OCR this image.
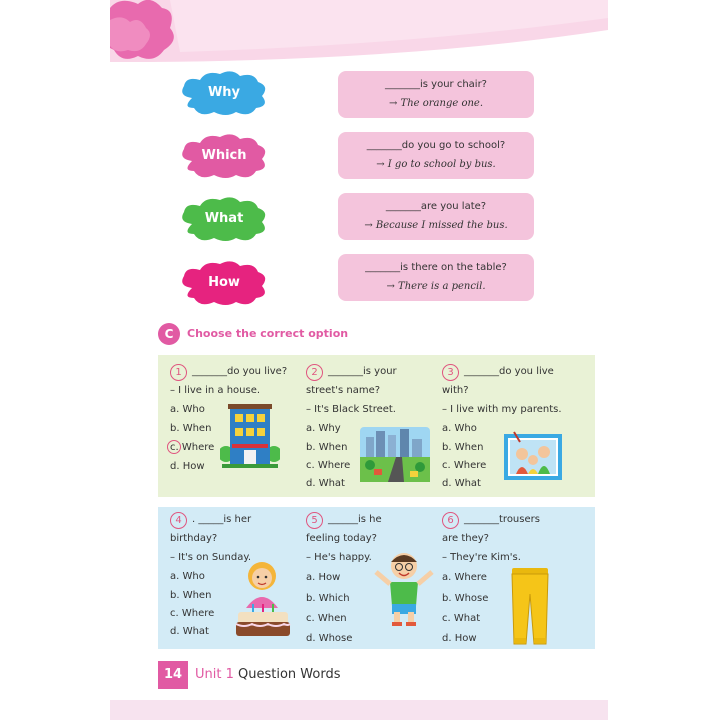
Why
Which
What
How
_______is your chair?
→ The orange one.
_______do you go to school?
→ I go to school by bus.
_______are you late?
→ Because I missed the bus.
_______is there on the table?
→ There is a pencil.
C	Choose the correct option
1	_______do you live?
– I live in a house.
a. Who
b. When
c. Where
d. How
2	_______is your
street's name?
– It's Black Street.
a. Why
b. When
c. Where
d. What
3	_______do you live
with?
– I live with my parents.
a. Who
b. When
c. Where
d. What
4	. _____is her
birthday?
– It's on Sunday.
a. Who
b. When
c. Where
d. What
5	______is he
feeling today?
– He's happy.
a. How
b. Which
c. When
d. Whose
6	_______trousers
are they?
– They're Kim's.
a. Where
b. Whose
c. What
d. How
14 Unit 1 Question Words
